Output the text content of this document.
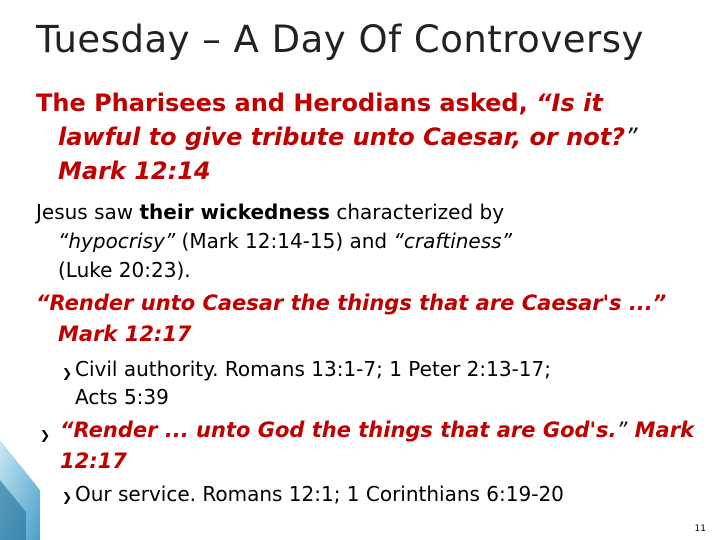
Tuesday – A Day Of Controversy
The Pharisees and Herodians asked, “Is it
lawful to give tribute unto Caesar, or not?”
Mark 12:14
Jesus saw their wickedness characterized by
“hypocrisy” (Mark 12:14-15) and “craftiness”
(Luke 20:23).
“Render unto Caesar the things that are Caesar's ...”
Mark 12:17
❯ Civil authority. Romans 13:1-7; 1 Peter 2:13-17;
Acts 5:39
❯ “Render ... unto God the things that are God's.” Mark
12:17
❯ Our service. Romans 12:1; 1 Corinthians 6:19-20
11
